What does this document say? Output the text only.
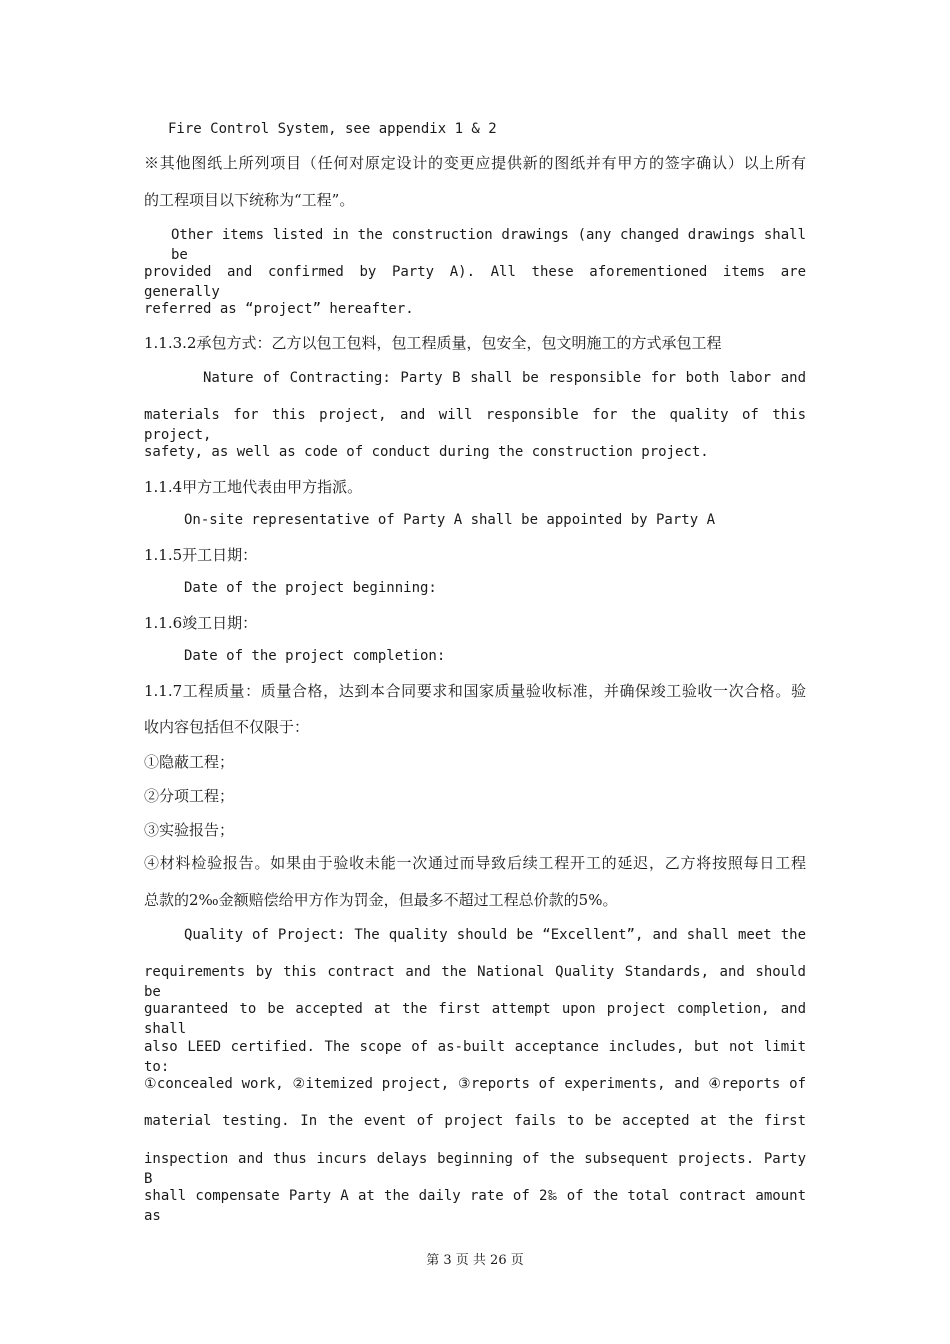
Fire Control System, see appendix 1 & 2
※其他图纸上所列项目（任何对原定设计的变更应提供新的图纸并有甲方的签字确认）以上所有
的工程项目以下统称为“工程”。
Other items listed in the construction drawings (any changed drawings shall be
provided and confirmed by Party A). All these aforementioned items are generally
referred as “project” hereafter.
1.1.3.2承包方式：乙方以包工包料，包工程质量，包安全，包文明施工的方式承包工程
Nature of Contracting: Party B shall be responsible for both labor and
materials for this project, and will responsible for the quality of this project,
safety, as well as code of conduct during the construction project.
1.1.4甲方工地代表由甲方指派。
On-site representative of Party A shall be appointed by Party A
1.1.5开工日期：
Date of the project beginning:
1.1.6竣工日期：
Date of the project completion:
1.1.7工程质量：质量合格，达到本合同要求和国家质量验收标准，并确保竣工验收一次合格。验
收内容包括但不仅限于：
①隐蔽工程；
②分项工程；
③实验报告；
④材料检验报告。如果由于验收未能一次通过而导致后续工程开工的延迟，乙方将按照每日工程
总款的2‰金额赔偿给甲方作为罚金，但最多不超过工程总价款的5%。
Quality of Project: The quality should be “Excellent”, and shall meet the
requirements by this contract and the National Quality Standards, and should be
guaranteed to be accepted at the first attempt upon project completion, and shall
also LEED certified. The scope of as-built acceptance includes, but not limit to:
①concealed work, ②itemized project, ③reports of experiments, and ④reports of
material testing. In the event of project fails to be accepted at the first
inspection and thus incurs delays beginning of the subsequent projects. Party B
shall compensate Party A at the daily rate of 2‰ of the total contract amount as
第 3 页 共 26 页
